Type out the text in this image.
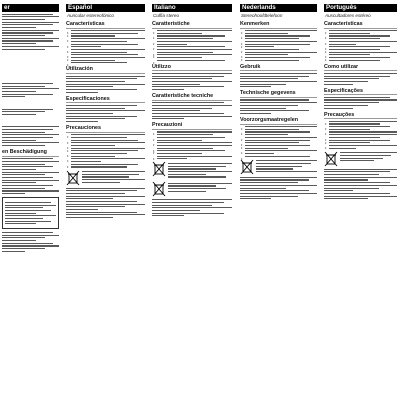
er
en Beschädigung
Español
Auricular estereofónico
Características
•
•
•
•
•
•
•
•
Utilización
Especificaciones
Precauciones
•
•
•
•
•
•
•
Italiano
Cuffia stereo
Caratteristiche
•
•
•
•
•
•
•
Utilizzo
Caratteristiche tecniche
Precauzioni
•
•
•
•
•
•
Nederlands
Stereohoofdtelefoon
Kenmerken
•
•
•
•
•
•
•
Gebruik
Technische gegevens
Voorzorgsmaatregelen
•
•
•
•
•
•
•
Português
Auscultadores estéreo
Características
•
•
•
•
•
•
•
Como utilizar
Especificações
Precauções
•
•
•
•
•
•
